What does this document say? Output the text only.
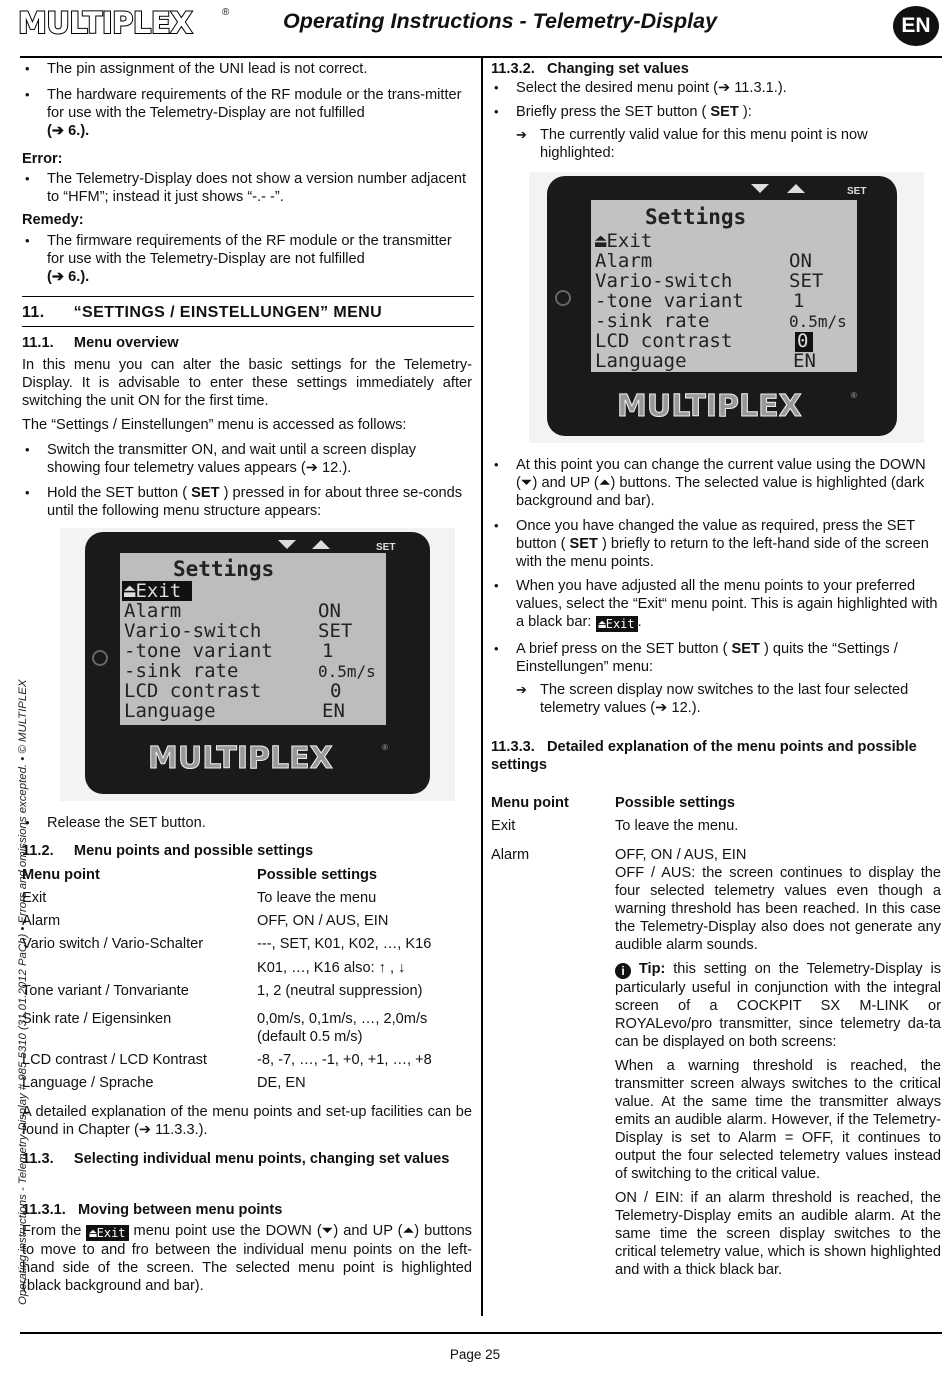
MULTIPLEX	® Operating Instructions - Telemetry-Display	EN
Operating instructions - Telemetry-Display # 985 5310 (31.01.2012 PaCh) • Errors and omissions excepted. • © MULTIPLEX
• The pin assignment of the UNI lead is not correct.
• The hardware requirements of the RF module or the trans-mitter for use with the Telemetry-Display are not fulfilled
(➔ 6.).
Error:
• The Telemetry-Display does not show a version number adjacent to “HFM”; instead it just shows “-.- -”.
Remedy:
• The firmware requirements of the RF module or the transmitter for use with the Telemetry-Display are not fulfilled
(➔ 6.).
11.      “SETTINGS / EINSTELLUNGEN” MENU
11.1.     Menu overview
In this menu you can alter the basic settings for the Telemetry-Display. It is advisable to enter these settings immediately after switching the unit ON for the first time.
The “Settings / Einstellungen” menu is accessed as follows:
• Switch the transmitter ON, and wait until a screen display showing four telemetry values appears (➔ 12.).
• Hold the SET button ( SET ) pressed in for about three se-conds until the following menu structure appears:
SET
Settings
⏏Exit
Alarm
Vario-switch
-tone variant
-sink rate
LCD contrast
Language
ON
SET
1
0.5m/s
0
EN
MULTIPLEX	®
• Release the SET button.
11.2.     Menu points and possible settings
Menu point	Possible settings
Exit	To leave the menu
Alarm	OFF, ON / AUS, EIN
Vario switch / Vario-Schalter	---, SET, K01, K02, …, K16
K01, …, K16 also: ↑ , ↓
Tone variant / Tonvariante	1, 2 (neutral suppression)
Sink rate / Eigensinken	0,0m/s, 0,1m/s, …, 2,0m/s (default 0.5 m/s)
LCD contrast / LCD Kontrast	-8, -7, …, -1, +0, +1, …, +8
Language / Sprache	DE, EN
A detailed explanation of the menu points and set-up facilities can be found in Chapter (➔ 11.3.3.).
11.3.     Selecting individual menu points, changing set values
11.3.1.   Moving between menu points
From the ⏏Exit menu point use the DOWN (⏷) and UP (⏶) buttons to move to and fro between the individual menu points on the left-hand side of the screen. The selected menu point is highlighted (black background and bar).
11.3.2.   Changing set values
• Select the desired menu point (➔ 11.3.1.).
• Briefly press the SET button ( SET ):
➔ The currently valid value for this menu point is now highlighted:
SET
Settings
⏏Exit
Alarm
Vario-switch
-tone variant
-sink rate
LCD contrast
Language
ON
SET
1
0.5m/s
0
EN
MULTIPLEX	®
• At this point you can change the current value using the DOWN (⏷) and UP (⏶) buttons. The selected value is highlighted (dark background and bar).
• Once you have changed the value as required, press the SET button ( SET ) briefly to return to the left-hand side of the screen with the menu points.
• When you have adjusted all the menu points to your preferred values, select the “Exit“ menu point. This is again highlighted with a black bar: ⏏Exit .
• A brief press on the SET button ( SET ) quits the “Settings / Einstellungen” menu:
➔ The screen display now switches to the last four selected telemetry values (➔ 12.).
11.3.3.   Detailed explanation of the menu points and possible settings
Menu point	Possible settings
Exit	To leave the menu.
Alarm	OFF, ON / AUS, EIN
OFF / AUS: the screen continues to display the four selected telemetry values even though a warning threshold has been reached. In this case the Telemetry-Display also does not generate any audible alarm sounds.
i Tip: this setting on the Telemetry-Display is particularly useful in conjunction with the integral screen of a COCKPIT SX M-LINK or ROYALevo/pro transmitter, since telemetry da-ta can be displayed on both screens:
When a warning threshold is reached, the transmitter screen always switches to the critical value. At the same time the transmitter always emits an audible alarm. However, if the Telemetry-Display is set to Alarm = OFF, it continues to output the four selected telemetry values instead of switching to the critical value.
ON / EIN: if an alarm threshold is reached, the Telemetry-Display emits an audible alarm. At the same time the screen display switches to the critical telemetry value, which is shown highlighted and with a thick black bar.
Page 25
